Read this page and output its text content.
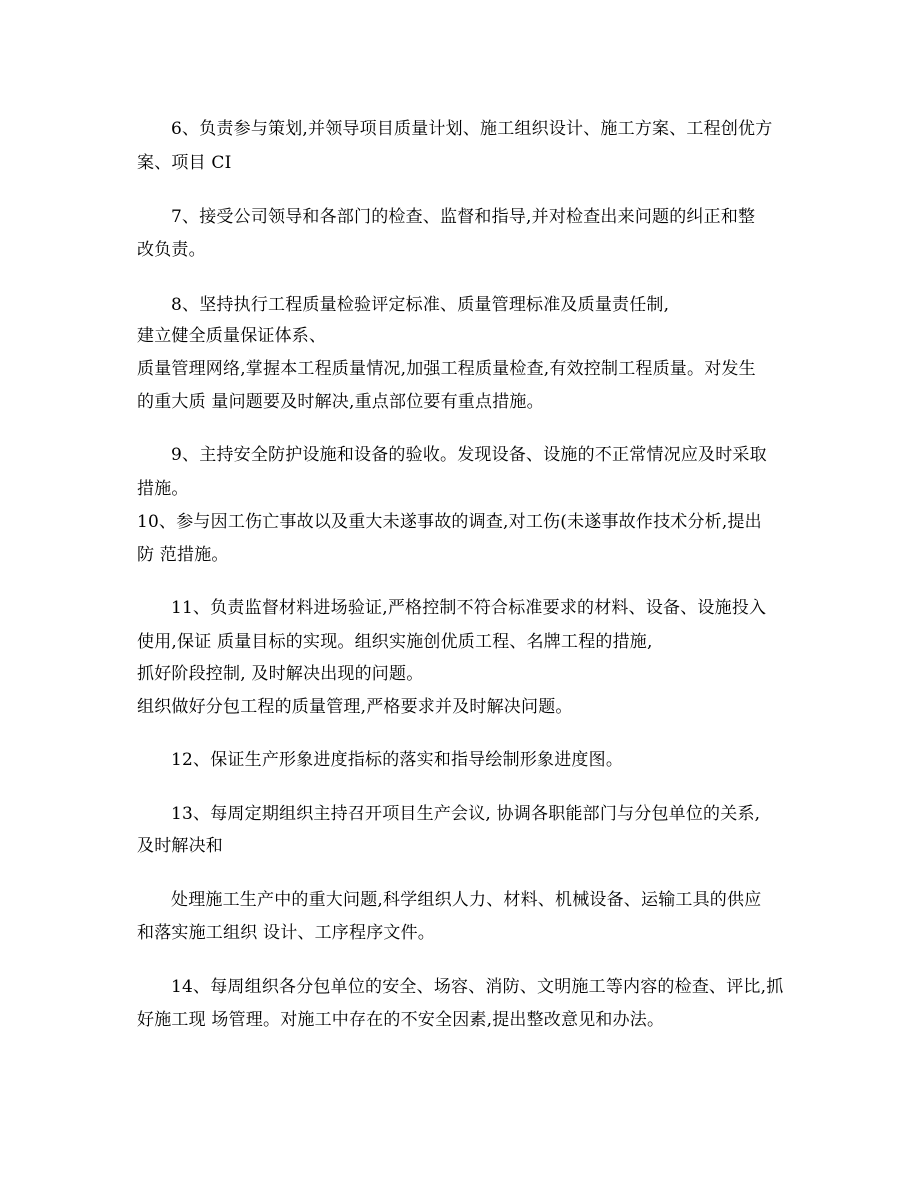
6、负责参与策划,并领导项目质量计划、施工组织设计、施工方案、工程创优方

案、项目 CI

7、接受公司领导和各部门的检查、监督和指导,并对检查出来问题的纠正和整

改负责。

8、坚持执行工程质量检验评定标准、质量管理标准及质量责任制,

建立健全质量保证体系、

质量管理网络,掌握本工程质量情况,加强工程质量检查,有效控制工程质量。对发生

的重大质 量问题要及时解决,重点部位要有重点措施。

9、主持安全防护设施和设备的验收。发现设备、设施的不正常情况应及时采取

措施。

10、参与因工伤亡事故以及重大未遂事故的调查,对工伤(未遂事故作技术分析,提出

防 范措施。

11、负责监督材料进场验证,严格控制不符合标准要求的材料、设备、设施投入

使用,保证 质量目标的实现。组织实施创优质工程、名牌工程的措施,

抓好阶段控制, 及时解决出现的问题。

组织做好分包工程的质量管理,严格要求并及时解决问题。

12、保证生产形象进度指标的落实和指导绘制形象进度图。

13、每周定期组织主持召开项目生产会议, 协调各职能部门与分包单位的关系,

及时解决和

处理施工生产中的重大问题,科学组织人力、材料、机械设备、运输工具的供应

和落实施工组织 设计、工序程序文件。

14、每周组织各分包单位的安全、场容、消防、文明施工等内容的检查、评比,抓

好施工现 场管理。对施工中存在的不安全因素,提出整改意见和办法。
